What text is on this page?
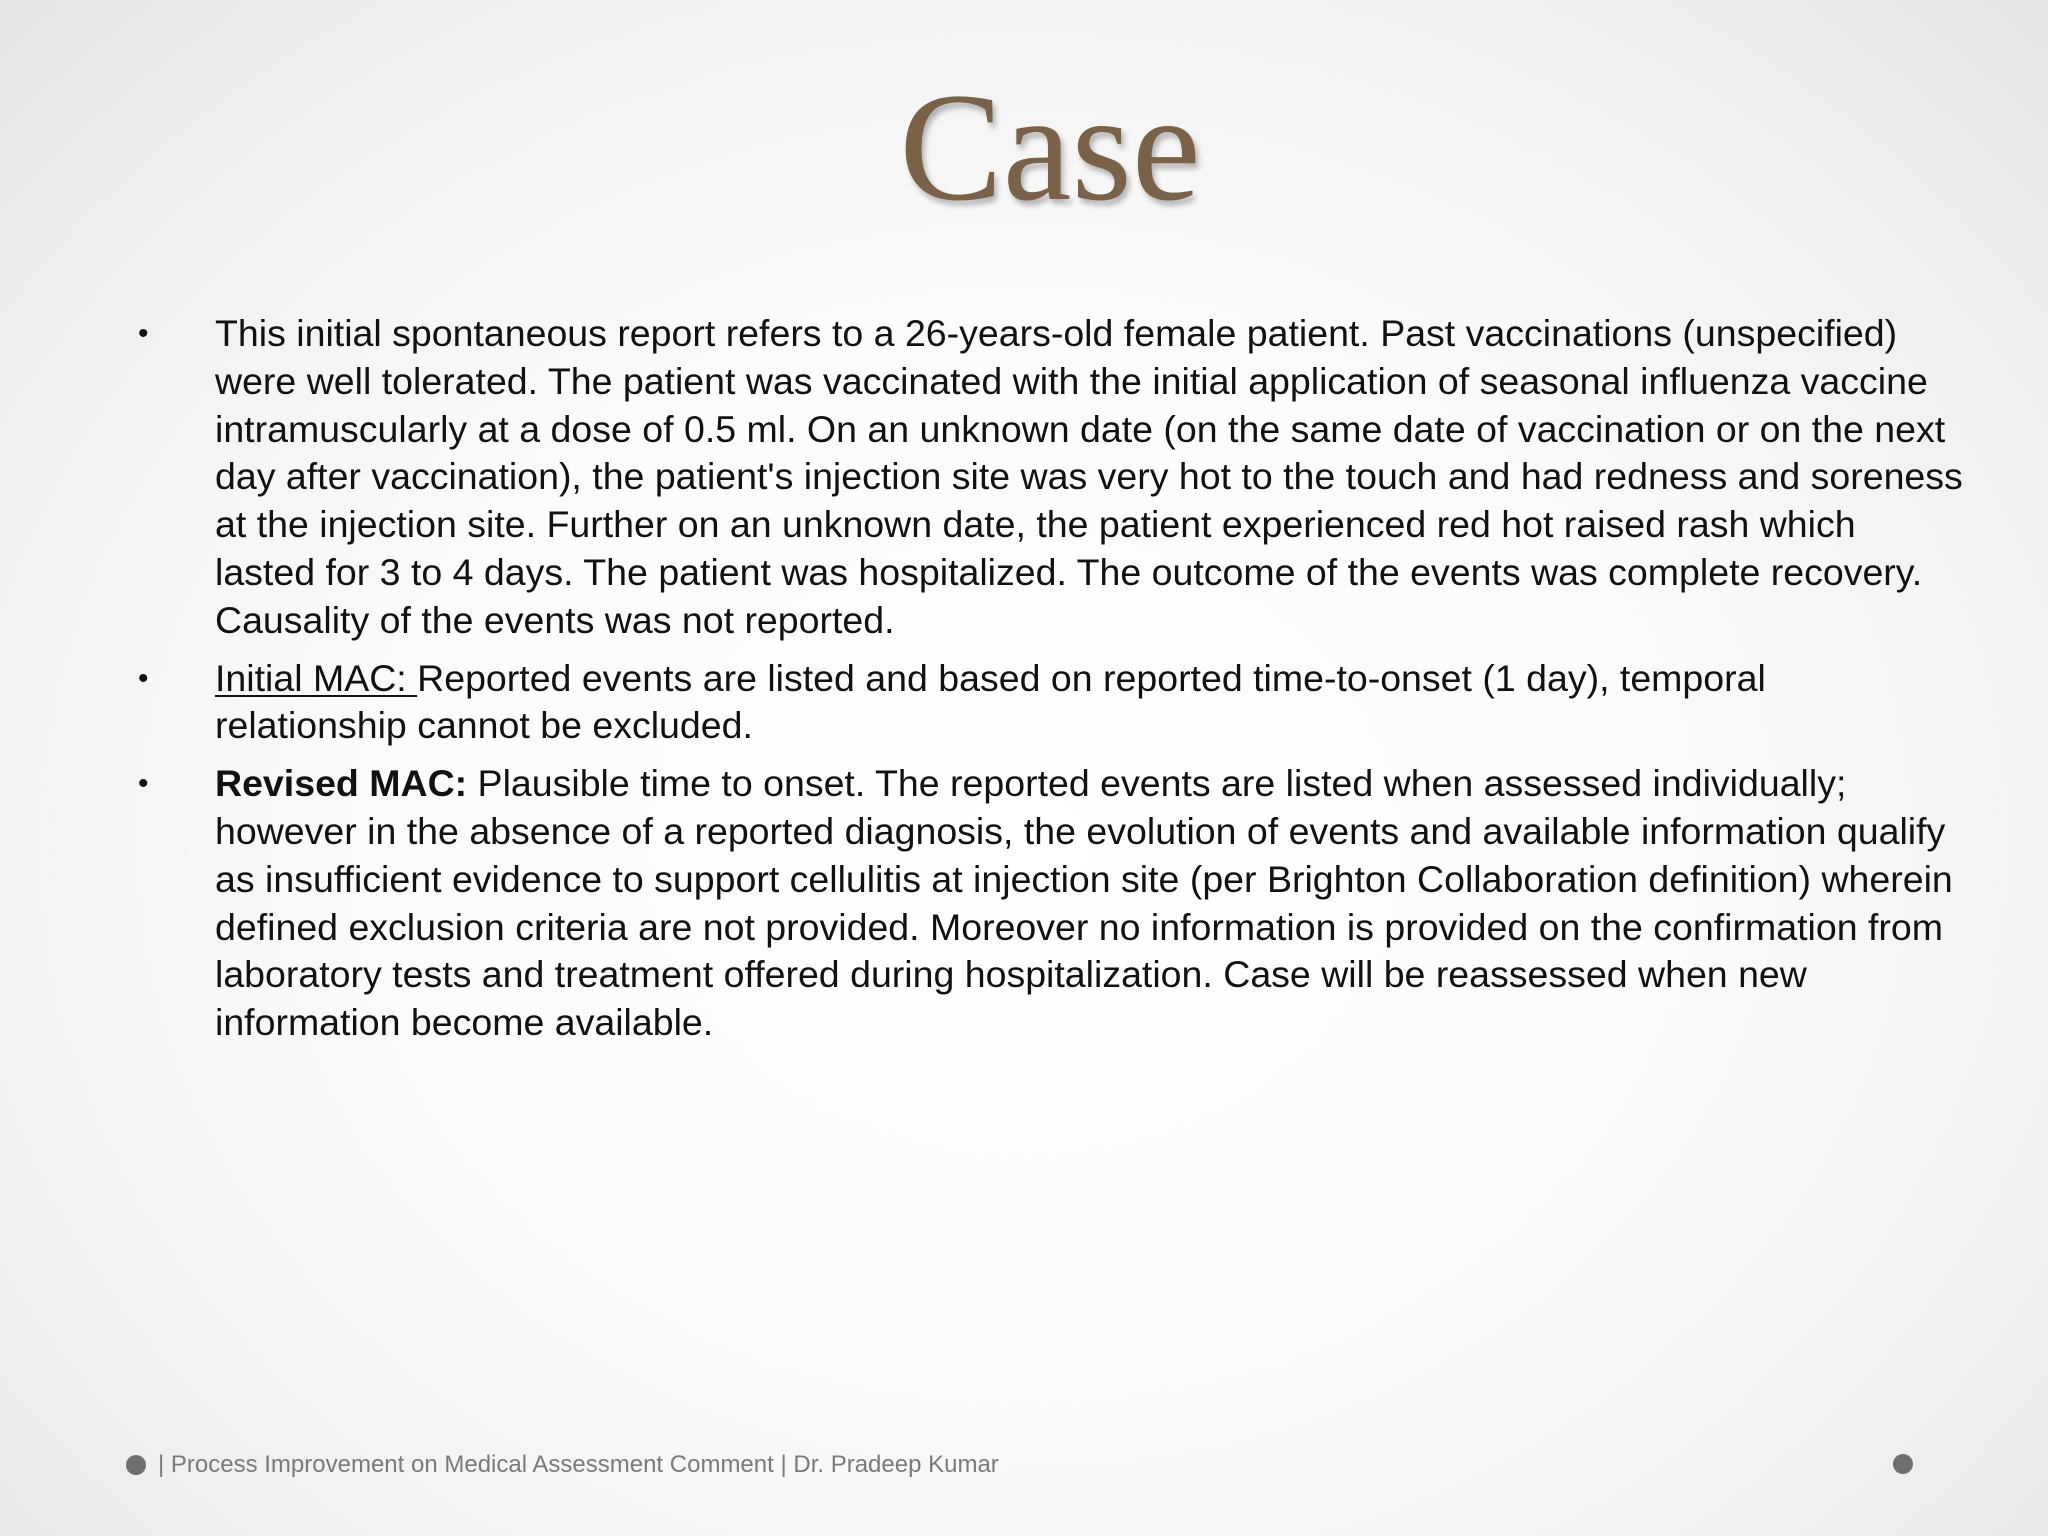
Case
• This initial spontaneous report refers to a 26-years-old female patient. Past vaccinations (unspecified) were well tolerated. The patient was vaccinated with the initial application of seasonal influenza vaccine intramuscularly at a dose of 0.5 ml. On an unknown date (on the same date of vaccination or on the next day after vaccination), the patient's injection site was very hot to the touch and had redness and soreness at the injection site. Further on an unknown date, the patient experienced red hot raised rash which lasted for 3 to 4 days. The patient was hospitalized. The outcome of the events was complete recovery. Causality of the events was not reported.
• Initial MAC: Reported events are listed and based on reported time-to-onset (1 day), temporal relationship cannot be excluded.
• Revised MAC: Plausible time to onset. The reported events are listed when assessed individually; however in the absence of a reported diagnosis, the evolution of events and available information qualify as insufficient evidence to support cellulitis at injection site (per Brighton Collaboration definition) wherein defined exclusion criteria are not provided. Moreover no information is provided on the confirmation from laboratory tests and treatment offered during hospitalization. Case will be reassessed when new information become available.
| Process Improvement on Medical Assessment Comment | Dr. Pradeep Kumar
